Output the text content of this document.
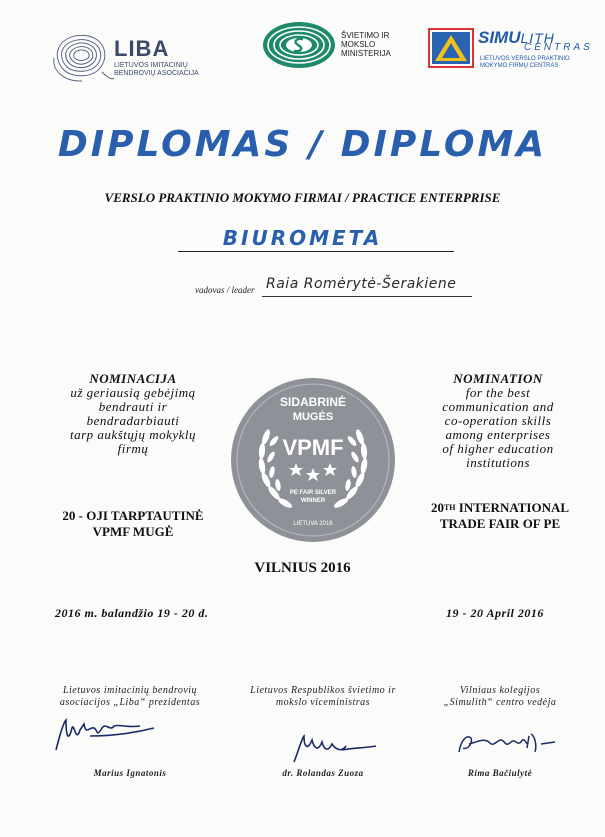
LIBA
LIETUVOS IMITACINIŲ BENDROVIŲ ASOCIACIJA
ŠVIETIMO IR MOKSLO MINISTERIJA
SIMULITH
CENTRAS
LIETUVOS VERSLO PRAKTINIO MOKYMO FIRMŲ CENTRAS
DIPLOMAS / DIPLOMA
VERSLO PRAKTINIO MOKYMO FIRMAI / PRACTICE ENTERPRISE
BIUROMETA
vadovas / leader Raia Romėrytė-Šerakiene
NOMINACIJA
už geriausią gebėjimą
bendrauti ir
bendradarbiauti
tarp aukštųjų mokyklų
firmų
NOMINATION
for the best
communication and
co-operation skills
among enterprises
of higher education
institutions
20 - OJI TARPTAUTINĖ
VPMF MUGĖ
20TH INTERNATIONAL
TRADE FAIR OF PE
SIDABRINĖ
MUGĖS
VPMF
PE FAIR SILVER
WINNER
LIETUVA 2016
VILNIUS 2016
2016 m. balandžio 19 - 20 d.	19 - 20 April 2016
Lietuvos imitacinių bendrovių
asociacijos „Liba“ prezidentas
Lietuvos Respublikos švietimo ir
mokslo viceministras
Vilniaus kolegijos
„Simulith“ centro vedėja
Marius Ignatonis	dr. Rolandas Zuoza	Rima Bačiulytė
